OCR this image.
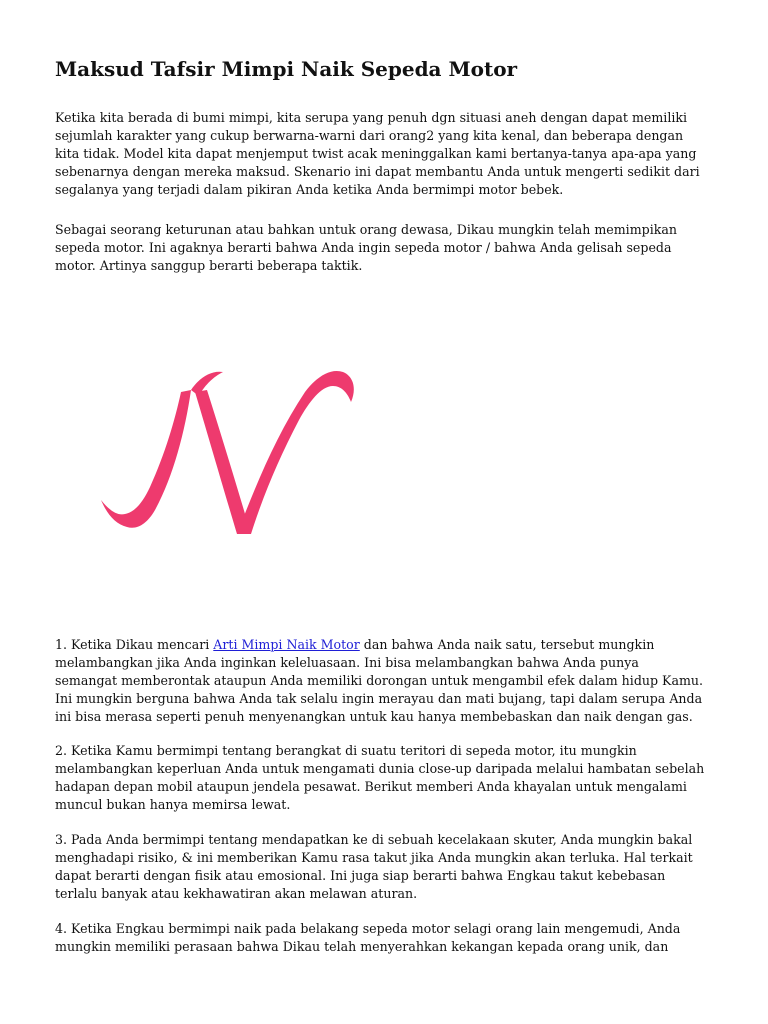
Maksud Tafsir Mimpi Naik Sepeda Motor

Ketika kita berada di bumi mimpi, kita serupa yang penuh dgn situasi aneh dengan dapat memiliki
sejumlah karakter yang cukup berwarna-warni dari orang2 yang kita kenal, dan beberapa dengan
kita tidak. Model kita dapat menjemput twist acak meninggalkan kami bertanya-tanya apa-apa yang
sebenarnya dengan mereka maksud. Skenario ini dapat membantu Anda untuk mengerti sedikit dari
segalanya yang terjadi dalam pikiran Anda ketika Anda bermimpi motor bebek.

Sebagai seorang keturunan atau bahkan untuk orang dewasa, Dikau mungkin telah memimpikan
sepeda motor. Ini agaknya berarti bahwa Anda ingin sepeda motor / bahwa Anda gelisah sepeda
motor. Artinya sanggup berarti beberapa taktik.

1. Ketika Dikau mencari Arti Mimpi Naik Motor dan bahwa Anda naik satu, tersebut mungkin
melambangkan jika Anda inginkan keleluasaan. Ini bisa melambangkan bahwa Anda punya
semangat memberontak ataupun Anda memiliki dorongan untuk mengambil efek dalam hidup Kamu.
Ini mungkin berguna bahwa Anda tak selalu ingin merayau dan mati bujang, tapi dalam serupa Anda
ini bisa merasa seperti penuh menyenangkan untuk kau hanya membebaskan dan naik dengan gas.

2. Ketika Kamu bermimpi tentang berangkat di suatu teritori di sepeda motor, itu mungkin
melambangkan keperluan Anda untuk mengamati dunia close-up daripada melalui hambatan sebelah
hadapan depan mobil ataupun jendela pesawat. Berikut memberi Anda khayalan untuk mengalami
muncul bukan hanya memirsa lewat.

3. Pada Anda bermimpi tentang mendapatkan ke di sebuah kecelakaan skuter, Anda mungkin bakal
menghadapi risiko, & ini memberikan Kamu rasa takut jika Anda mungkin akan terluka. Hal terkait
dapat berarti dengan fisik atau emosional. Ini juga siap berarti bahwa Engkau takut kebebasan
terlalu banyak atau kekhawatiran akan melawan aturan.

4. Ketika Engkau bermimpi naik pada belakang sepeda motor selagi orang lain mengemudi, Anda
mungkin memiliki perasaan bahwa Dikau telah menyerahkan kekangan kepada orang unik, dan
